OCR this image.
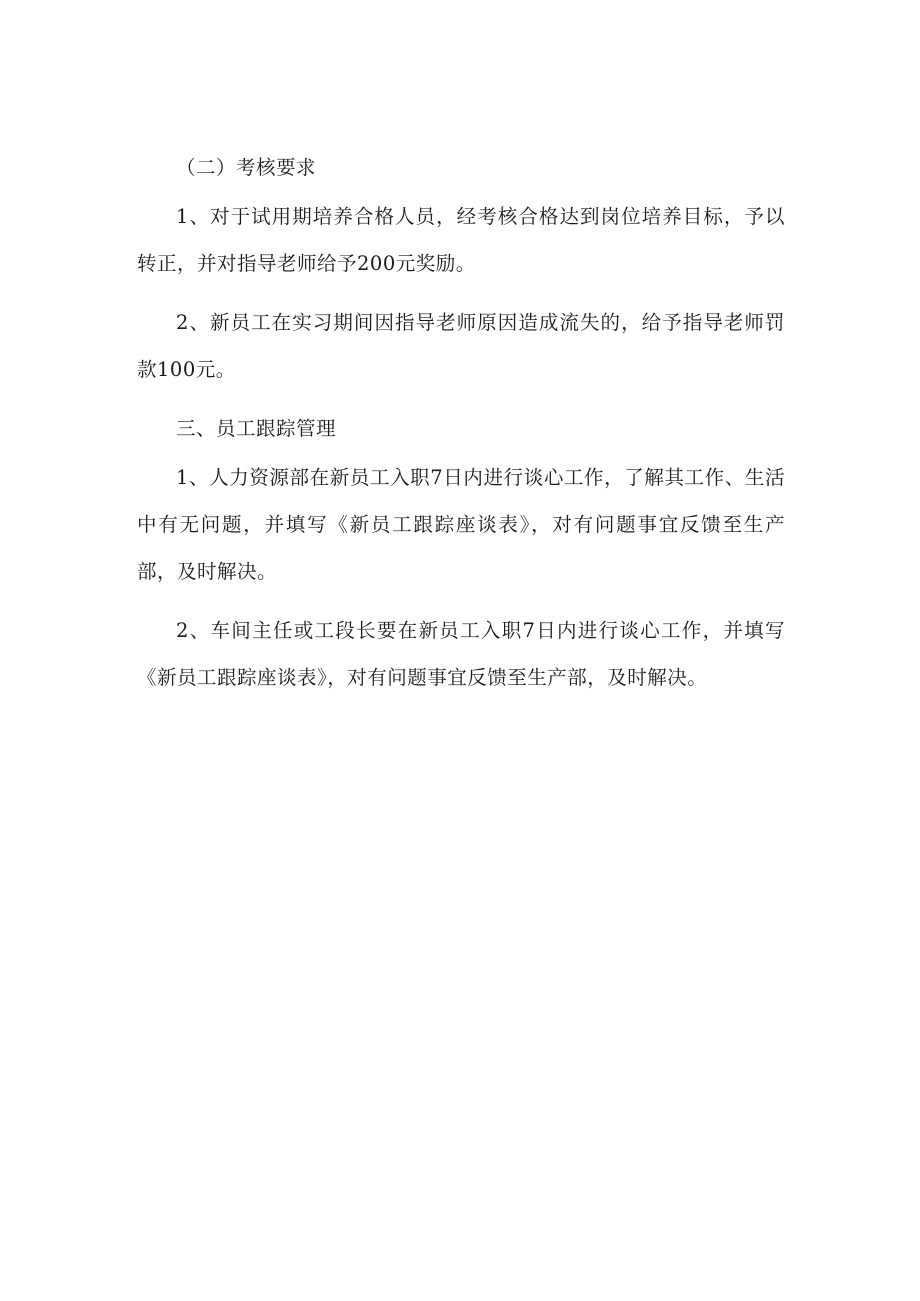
（二）考核要求

1、对于试用期培养合格人员，经考核合格达到岗位培养目标，予以转正，并对指导老师给予200元奖励。

2、新员工在实习期间因指导老师原因造成流失的，给予指导老师罚款100元。

三、员工跟踪管理

1、人力资源部在新员工入职7日内进行谈心工作，了解其工作、生活中有无问题，并填写《新员工跟踪座谈表》，对有问题事宜反馈至生产部，及时解决。

2、车间主任或工段长要在新员工入职7日内进行谈心工作，并填写《新员工跟踪座谈表》，对有问题事宜反馈至生产部，及时解决。
